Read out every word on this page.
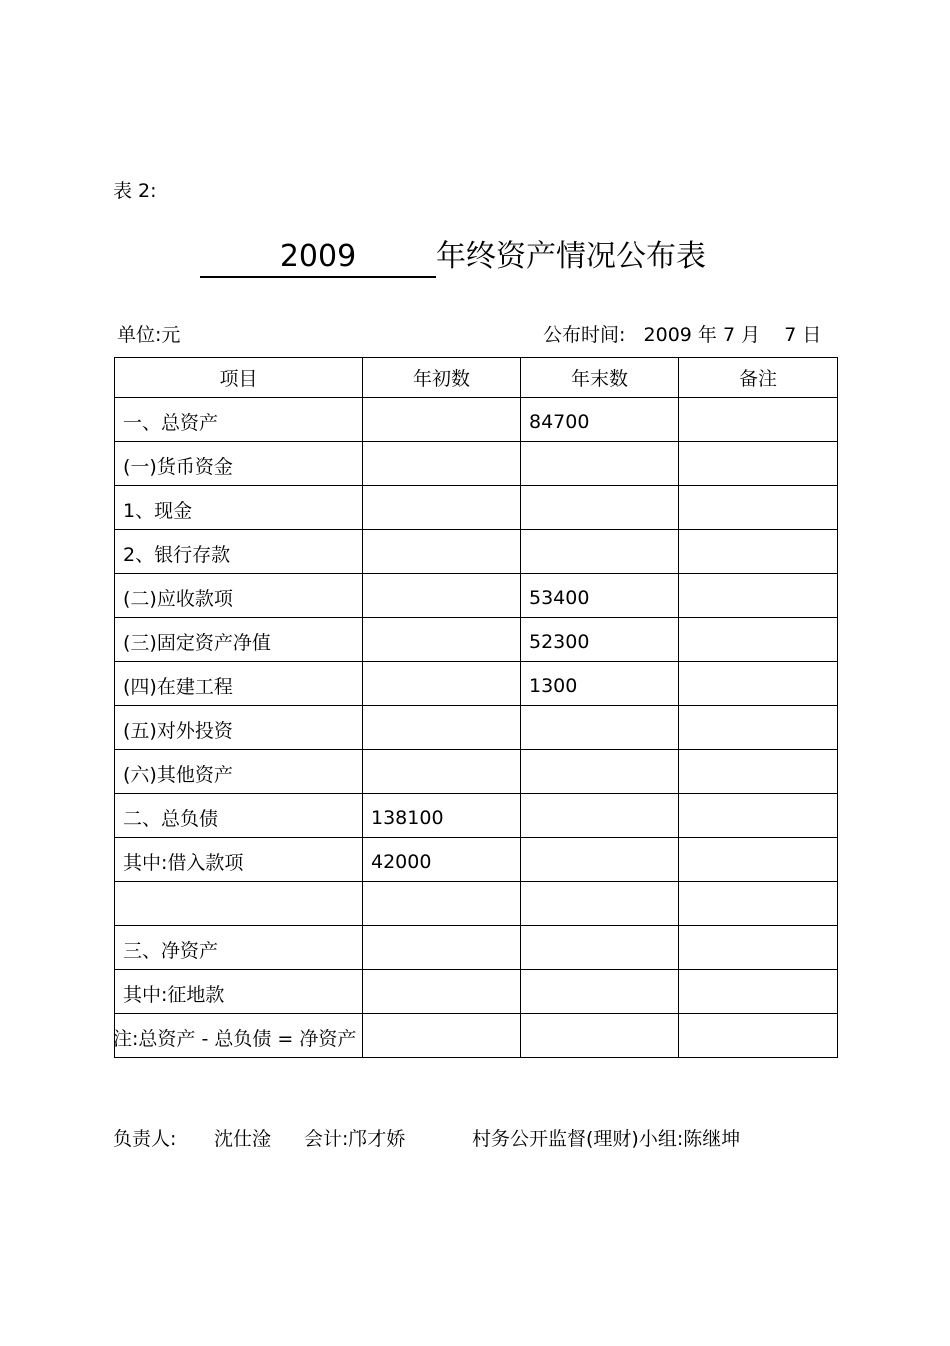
表 2:
2009	年终资产情况公布表
单位:元	公布时间:   2009 年 7 月    7 日
项目	年初数	年末数	备注
一、总资产		84700	
(一)货币资金			
1、现金			
2、银行存款			
(二)应收款项		53400	
(三)固定资产净值		52300	
(四)在建工程		1300	
(五)对外投资			
(六)其他资产			
二、总负债	138100		
其中:借入款项	42000		

三、净资产			
其中:征地款			

注:总资产 - 总负债 = 净资产
负责人: 沈仕淦 会计:邝才娇	村务公开监督(理财)小组:陈继坤
